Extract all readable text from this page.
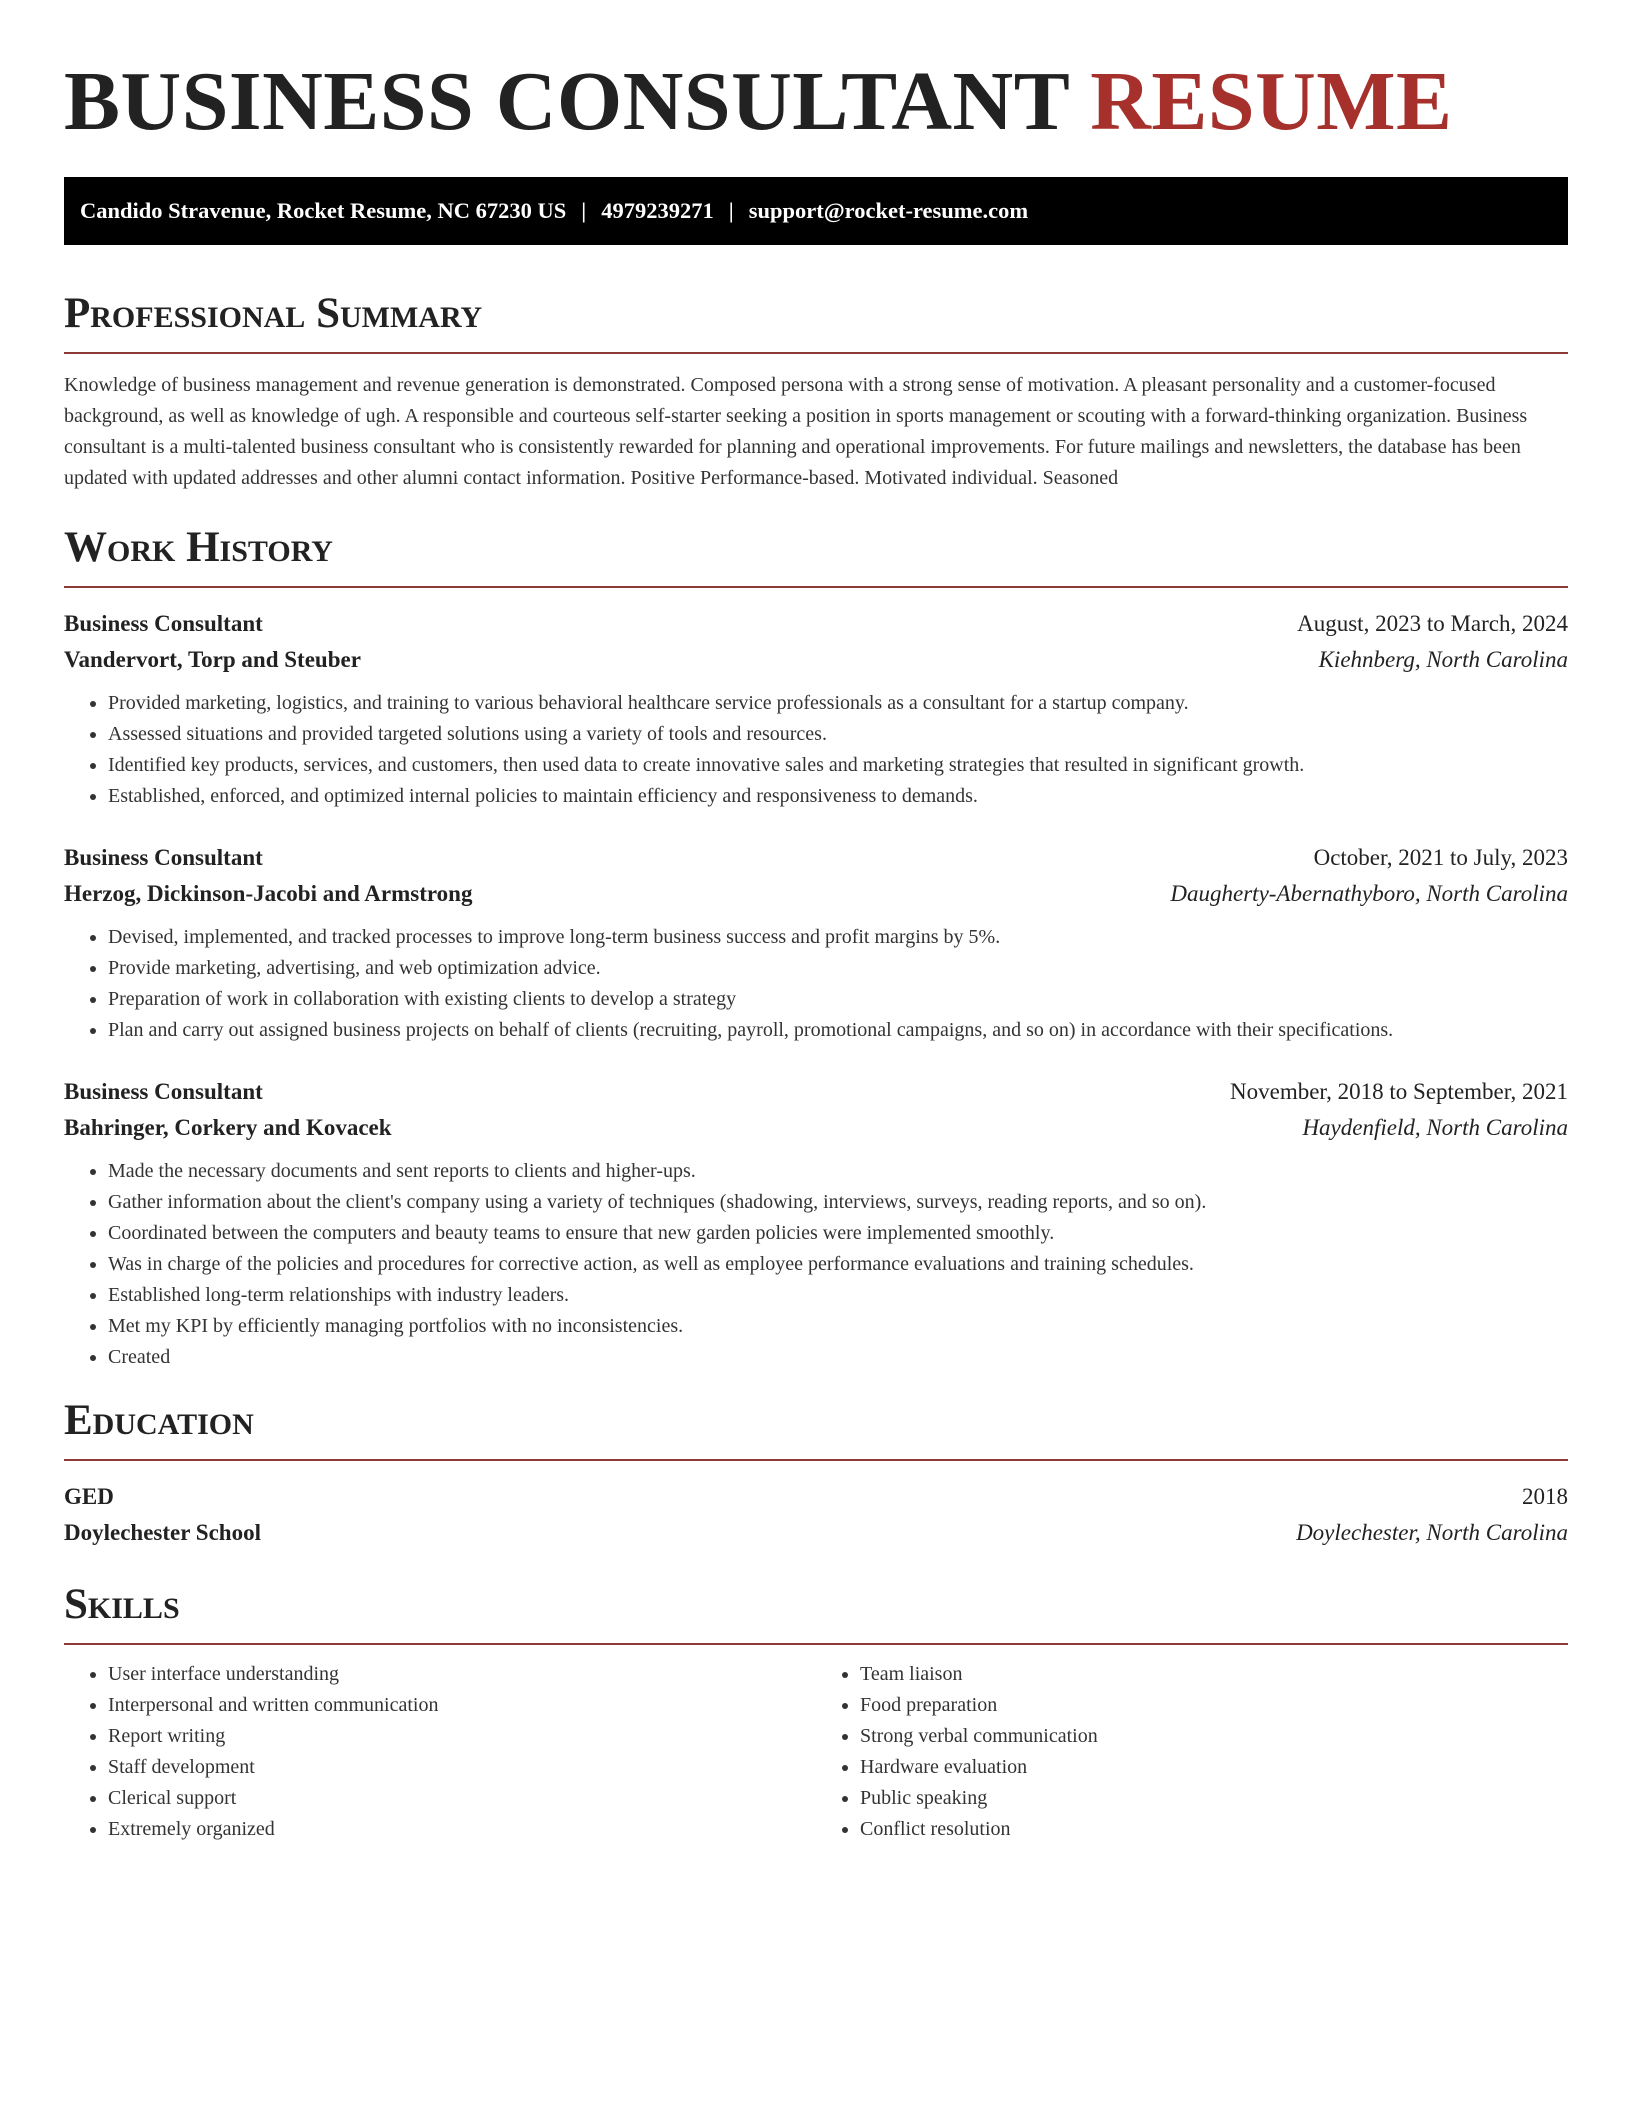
BUSINESS CONSULTANT RESUME
Candido Stravenue, Rocket Resume, NC 67230 US | 4979239271 | support@rocket-resume.com
Professional Summary

Knowledge of business management and revenue generation is demonstrated. Composed persona with a strong sense of motivation. A pleasant personality and a customer-focused background, as well as knowledge of ugh. A responsible and courteous self-starter seeking a position in sports management or scouting with a forward-thinking organization. Business consultant is a multi-talented business consultant who is consistently rewarded for planning and operational improvements. For future mailings and newsletters, the database has been updated with updated addresses and other alumni contact information. Positive Performance-based. Motivated individual. Seasoned

Work History
Business Consultant	August, 2023 to March, 2024
Vandervort, Torp and Steuber	Kiehnberg, North Carolina
• Provided marketing, logistics, and training to various behavioral healthcare service professionals as a consultant for a startup company.
• Assessed situations and provided targeted solutions using a variety of tools and resources.
• Identified key products, services, and customers, then used data to create innovative sales and marketing strategies that resulted in significant growth.
• Established, enforced, and optimized internal policies to maintain efficiency and responsiveness to demands.
Business Consultant	October, 2021 to July, 2023
Herzog, Dickinson-Jacobi and Armstrong	Daugherty-Abernathyboro, North Carolina
• Devised, implemented, and tracked processes to improve long-term business success and profit margins by 5%.
• Provide marketing, advertising, and web optimization advice.
• Preparation of work in collaboration with existing clients to develop a strategy
• Plan and carry out assigned business projects on behalf of clients (recruiting, payroll, promotional campaigns, and so on) in accordance with their specifications.
Business Consultant	November, 2018 to September, 2021
Bahringer, Corkery and Kovacek	Haydenfield, North Carolina
• Made the necessary documents and sent reports to clients and higher-ups.
• Gather information about the client's company using a variety of techniques (shadowing, interviews, surveys, reading reports, and so on).
• Coordinated between the computers and beauty teams to ensure that new garden policies were implemented smoothly.
• Was in charge of the policies and procedures for corrective action, as well as employee performance evaluations and training schedules.
• Established long-term relationships with industry leaders.
• Met my KPI by efficiently managing portfolios with no inconsistencies.
• Created
Education
GED	2018
Doylechester School	Doylechester, North Carolina
Skills
• User interface understanding
• Interpersonal and written communication
• Report writing
• Staff development
• Clerical support
• Extremely organized
• Team liaison
• Food preparation
• Strong verbal communication
• Hardware evaluation
• Public speaking
• Conflict resolution
